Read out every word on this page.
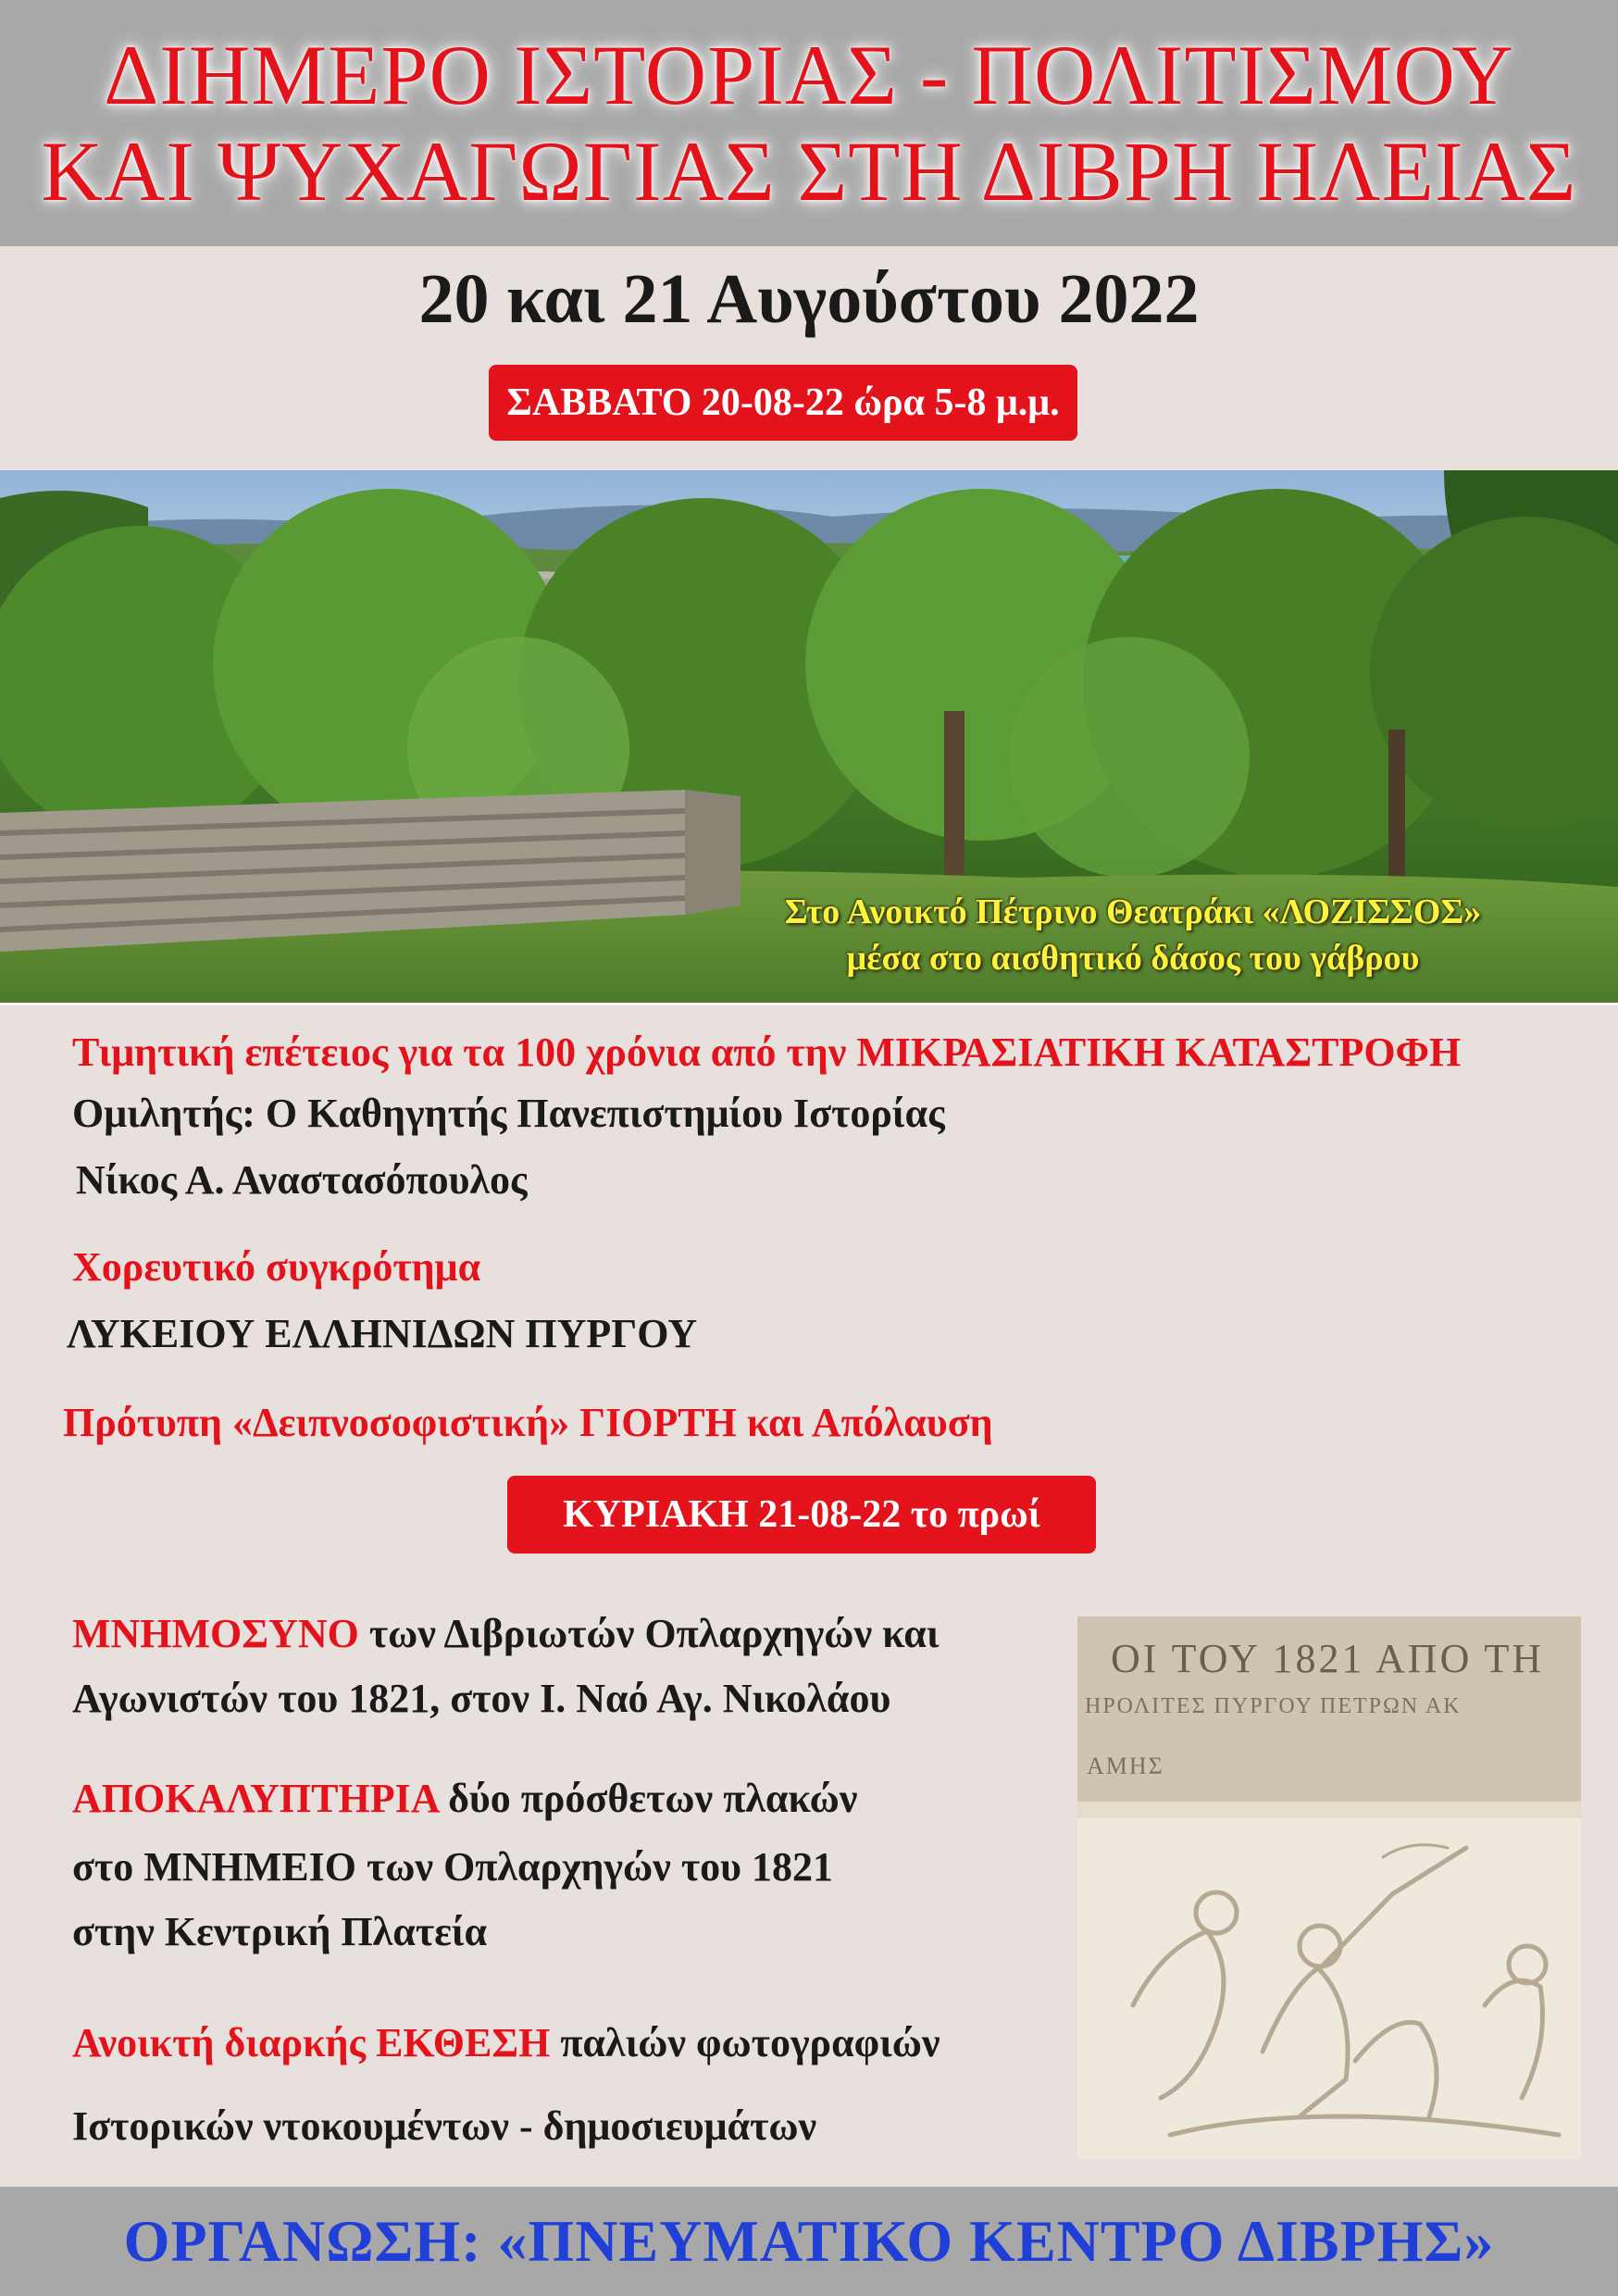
ΔΙΗΜΕΡΟ ΙΣΤΟΡΙΑΣ - ΠΟΛΙΤΙΣΜΟΥ
ΚΑΙ ΨΥΧΑΓΩΓΙΑΣ ΣΤΗ ΔΙΒΡΗ ΗΛΕΙΑΣ
20 και 21 Αυγούστου 2022
ΣΑΒΒΑΤΟ 20-08-22 ώρα 5-8 μ.μ.
Στο Ανοικτό Πέτρινο Θεατράκι «ΛΟΖΙΣΣΟΣ»
μέσα στο αισθητικό δάσος του γάβρου
Τιμητική επέτειος για τα 100 χρόνια από την ΜΙΚΡΑΣΙΑΤΙΚΗ ΚΑΤΑΣΤΡΟΦΗ
Ομιλητής: Ο Καθηγητής Πανεπιστημίου Ιστορίας
Νίκος Α. Αναστασόπουλος
Χορευτικό συγκρότημα
ΛΥΚΕΙΟΥ ΕΛΛΗΝΙΔΩΝ ΠΥΡΓΟΥ
Πρότυπη «Δειπνοσοφιστική» ΓΙΟΡΤΗ και Απόλαυση
ΚΥΡΙΑΚΗ 21-08-22 το πρωί
ΜΝΗΜΟΣΥΝΟ των Διβριωτών Οπλαρχηγών και
Αγωνιστών του 1821, στον Ι. Ναό Αγ. Νικολάου
ΑΠΟΚΑΛΥΠΤΗΡΙΑ δύο πρόσθετων πλακών
στο ΜΝΗΜΕΙΟ των Οπλαρχηγών του 1821
στην Κεντρική Πλατεία
Ανοικτή διαρκής ΕΚΘΕΣΗ παλιών φωτογραφιών
Ιστορικών ντοκουμέντων - δημοσιευμάτων
ΟΙ ΤΟΥ 1821 ΑΠΟ ΤΗ
ΗΡΟΛΙΤΕΣ ΠΥΡΓΟΥ ΠΕΤΡΩΝ ΑΚ
ΑΜΗΣ
ΟΡΓΑΝΩΣΗ: «ΠΝΕΥΜΑΤΙΚΟ ΚΕΝΤΡΟ ΔΙΒΡΗΣ»
